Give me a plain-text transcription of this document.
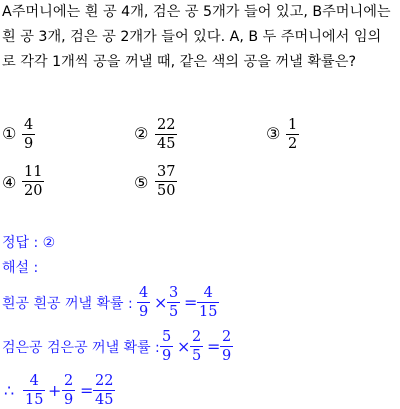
A주머니에는 흰 공 4개, 검은 공 5개가 들어 있고, B주머니에는
흰 공 3개, 검은 공 2개가 들어 있다. A, B 두 주머니에서 임의
로 각각 1개씩 공을 꺼낼 때, 같은 색의 공을 꺼낼 확률은?
① $\frac{4}{9}$	② $\frac{22}{45}$	③ $\frac{1}{2}$
④ $\frac{11}{20}$	⑤ $\frac{37}{50}$
정답 : ②
해설 :
흰공 흰공 꺼낼 확률 : $\frac{4}{9} \times \frac{3}{5} = \frac{4}{15}$
검은공 검은공 꺼낼 확률 : $\frac{5}{9} \times \frac{2}{5} = \frac{2}{9}$
∴ $\frac{4}{15} + \frac{2}{9} = \frac{22}{45}$
